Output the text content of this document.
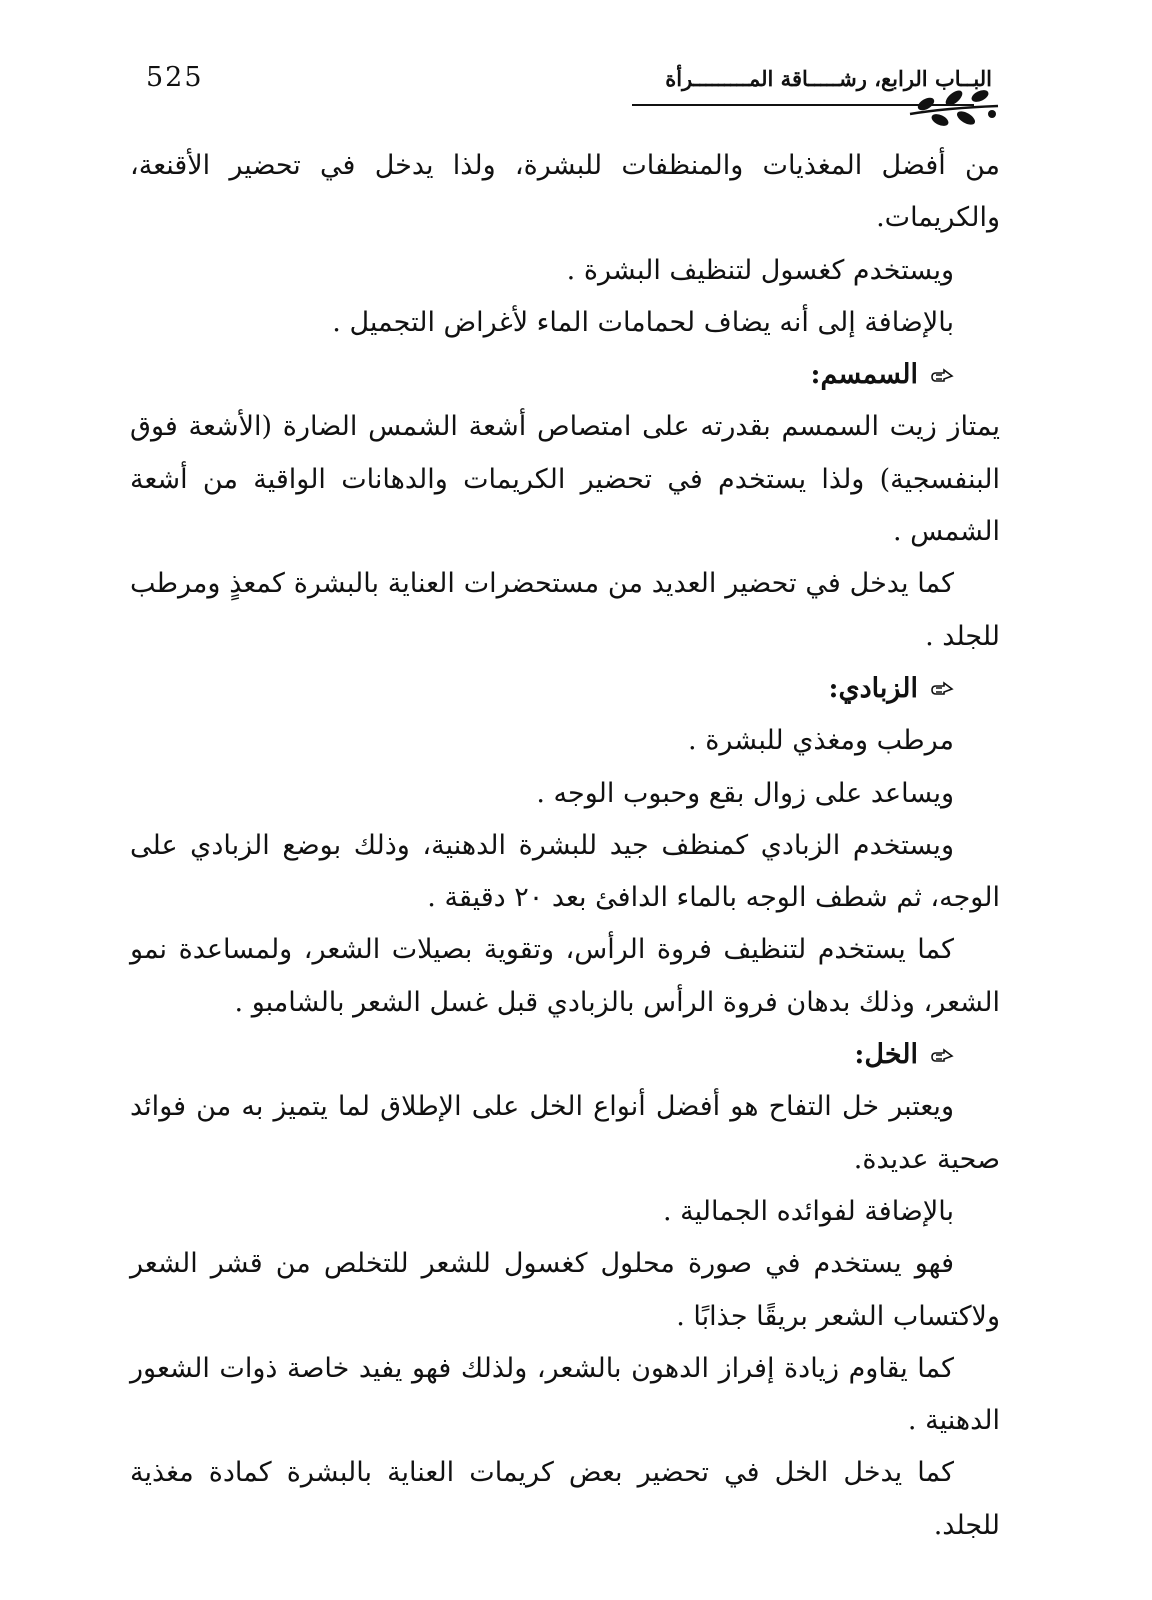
525	البــاب الرابع، رشـــــاقة المـــــــــرأة

من أفضل المغذيات والمنظفات للبشرة، ولذا يدخل في تحضير الأقنعة، والكريمات.

ويستخدم كغسول لتنظيف البشرة .

بالإضافة إلى أنه يضاف لحمامات الماء لأغراض التجميل .

السمسم:

يمتاز زيت السمسم بقدرته على امتصاص أشعة الشمس الضارة (الأشعة فوق البنفسجية) ولذا يستخدم في تحضير الكريمات والدهانات الواقية من أشعة الشمس .

كما يدخل في تحضير العديد من مستحضرات العناية بالبشرة كمعذٍ ومرطب للجلد .

الزبادي:

مرطب ومغذي للبشرة .

ويساعد على زوال بقع وحبوب الوجه .

ويستخدم الزبادي كمنظف جيد للبشرة الدهنية، وذلك بوضع الزبادي على الوجه، ثم شطف الوجه بالماء الدافئ بعد ٢٠ دقيقة .

كما يستخدم لتنظيف فروة الرأس، وتقوية بصيلات الشعر، ولمساعدة نمو الشعر، وذلك بدهان فروة الرأس بالزبادي قبل غسل الشعر بالشامبو .

الخل:

ويعتبر خل التفاح هو أفضل أنواع الخل على الإطلاق لما يتميز به من فوائد صحية عديدة.

بالإضافة لفوائده الجمالية .

فهو يستخدم في صورة محلول كغسول للشعر للتخلص من قشر الشعر ولاكتساب الشعر بريقًا جذابًا .

كما يقاوم زيادة إفراز الدهون بالشعر، ولذلك فهو يفيد خاصة ذوات الشعور الدهنية .

كما يدخل الخل في تحضير بعض كريمات العناية بالبشرة كمادة مغذية للجلد.
